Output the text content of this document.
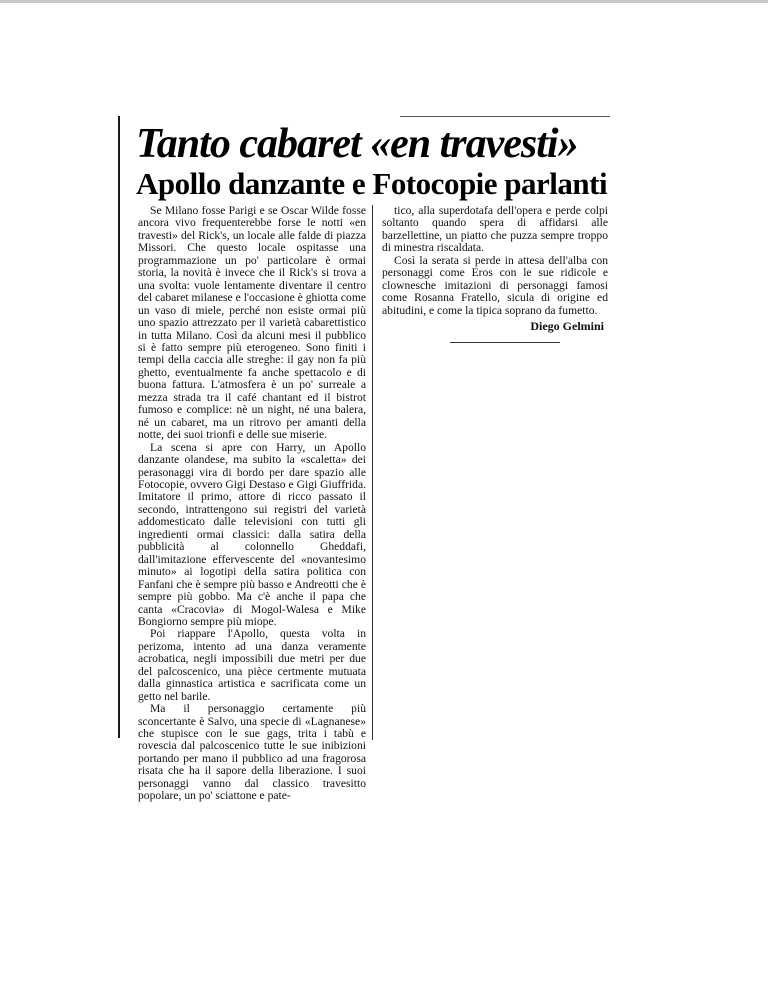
Tanto cabaret «en travesti»
Apollo danzante e Fotocopie parlanti

Se Milano fosse Parigi e se Oscar Wilde fosse ancora vivo frequenterebbe forse le notti «en travesti» del Rick's, un locale alle falde di piazza Missori. Che questo locale ospitasse una programmazione un po' particolare è ormai storia, la novità è invece che il Rick's si trova a una svolta: vuole lentamente diventare il centro del cabaret milanese e l'occasione è ghiotta come un vaso di miele, perché non esiste ormai più uno spazio attrezzato per il varietà cabarettistico in tutta Milano. Così da alcuni mesi il pubblico si è fatto sempre più eterogeneo. Sono finiti i tempi della caccia alle streghe: il gay non fa più ghetto, eventualmente fa anche spettacolo e di buona fattura. L'atmosfera è un po' surreale a mezza strada tra il café chantant ed il bistrot fumoso e complice: nè un night, né una balera, né un cabaret, ma un ritrovo per amanti della notte, dei suoi trionfi e delle sue miserie.

La scena si apre con Harry, un Apollo danzante olandese, ma subito la «scaletta» dei perasonaggi vira di bordo per dare spazio alle Fotocopie, ovvero Gigi Destaso e Gigi Giuffrida. Imitatore il primo, attore di ricco passato il secondo, intrattengono sui registri del varietà addomesticato dalle televisioni con tutti gli ingredienti ormai classici: dalla satira della pubblicità al colonnello Gheddafi, dall'imitazione effervescente del «novantesimo minuto» ai logotipi della satira politica con Fanfani che è sempre più basso e Andreotti che è sempre più gobbo. Ma c'è anche il papa che canta «Cracovia» di Mogol-Walesa e Mike Bongiorno sempre più miope.

Poi riappare l'Apollo, questa volta in perizoma, intento ad una danza veramente acrobatica, negli impossibili due metri per due del palcoscenico, una pièce certmente mutuata dalla ginnastica artistica e sacrificata come un getto nel barile.

Ma il personaggio certamente più sconcertante è Salvo, una specie di «Lagnanese» che stupisce con le sue gags, trita i tabù e rovescia dal palcoscenico tutte le sue inibizioni portando per mano il pubblico ad una fragorosa risata che ha il sapore della liberazione. I suoi personaggi vanno dal classico travesitto popolare, un po' sciattone e pate-

tico, alla superdotafa dell'opera e perde colpi soltanto quando spera di affidarsi alle barzellettine, un piatto che puzza sempre troppo di minestra riscaldata.

Così la serata si perde in attesa dell'alba con personaggi come Eros con le sue ridicole e clownesche imitazioni di personaggi famosi come Rosanna Fratello, sicula di origine ed abitudini, e come la tipica soprano da fumetto.

Diego Gelmini
